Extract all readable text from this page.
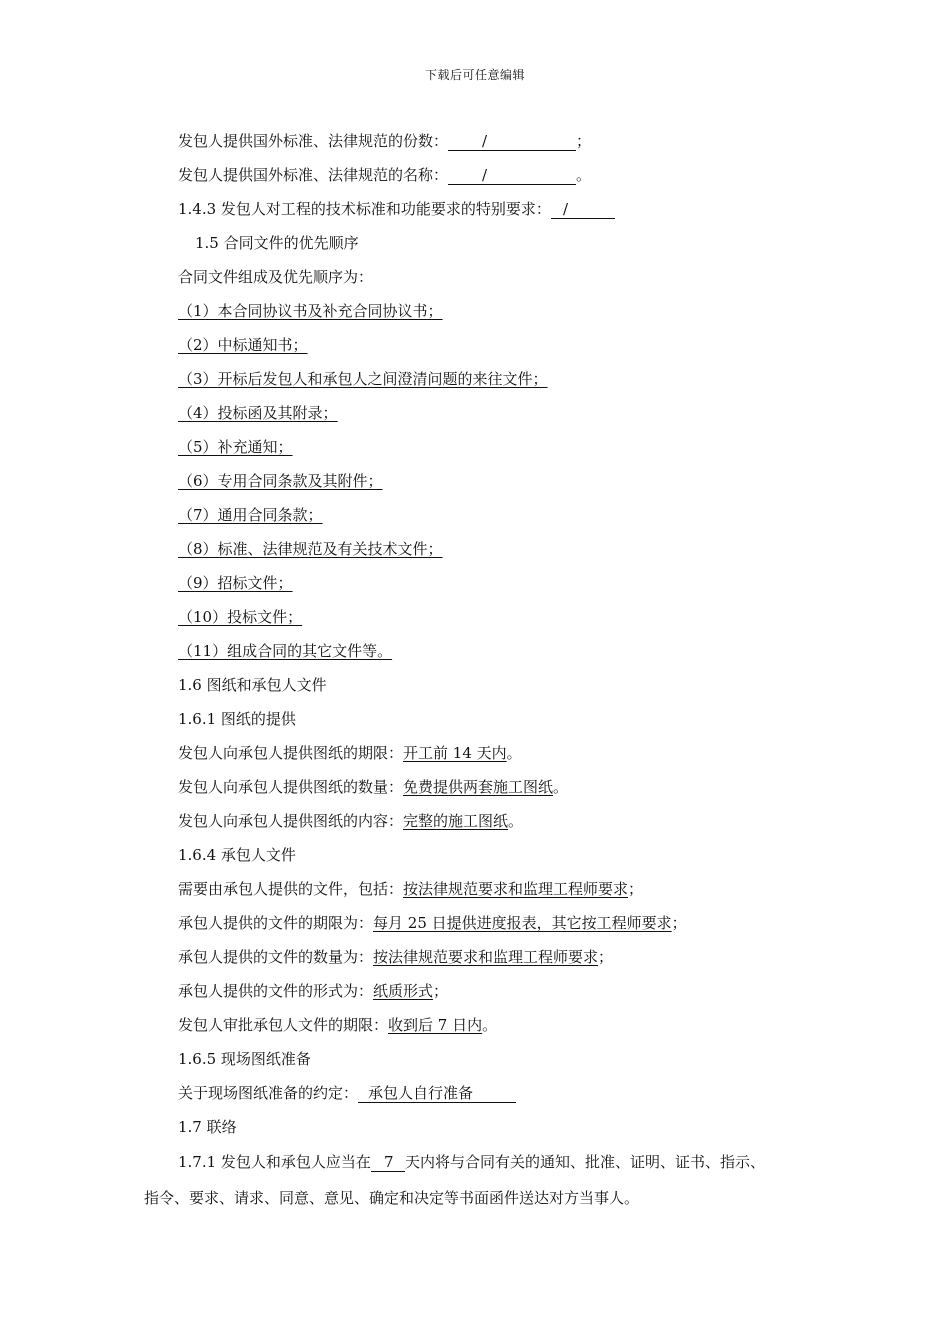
下载后可任意编辑
发包人提供国外标准、法律规范的份数： /	；
发包人提供国外标准、法律规范的名称： /	。
1.4.3 发包人对工程的技术标准和功能要求的特别要求： /
1.5 合同文件的优先顺序
合同文件组成及优先顺序为：
（1）本合同协议书及补充合同协议书；
（2）中标通知书；
（3）开标后发包人和承包人之间澄清问题的来往文件；
（4）投标函及其附录；
（5）补充通知；
（6）专用合同条款及其附件；
（7）通用合同条款；
（8）标准、法律规范及有关技术文件；
（9）招标文件；
（10）投标文件；
（11）组成合同的其它文件等。
1.6 图纸和承包人文件
1.6.1 图纸的提供
发包人向承包人提供图纸的期限：开工前 14 天内。
发包人向承包人提供图纸的数量：免费提供两套施工图纸。
发包人向承包人提供图纸的内容：完整的施工图纸。
1.6.4 承包人文件
需要由承包人提供的文件，包括：按法律规范要求和监理工程师要求；
承包人提供的文件的期限为：每月 25 日提供进度报表，其它按工程师要求；
承包人提供的文件的数量为：按法律规范要求和监理工程师要求；
承包人提供的文件的形式为：纸质形式；
发包人审批承包人文件的期限：收到后 7 日内。
1.6.5 现场图纸准备
关于现场图纸准备的约定： 承包人自行准备
1.7 联络
1.7.1 发包人和承包人应当在 7 天内将与合同有关的通知、批准、证明、证书、指示、
指令、要求、请求、同意、意见、确定和决定等书面函件送达对方当事人。
